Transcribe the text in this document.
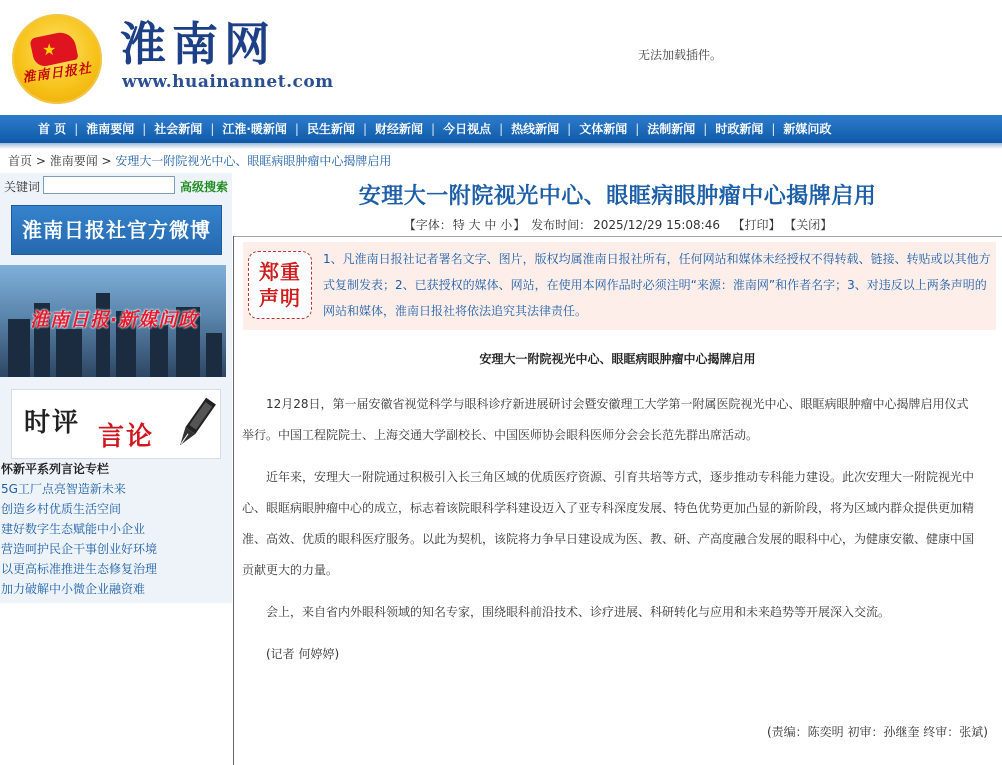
★
淮南日报社
淮南网
www.huainannet.com
无法加载插件。
首 页 | 淮南要闻 | 社会新闻 | 江淮·暖新闻 | 民生新闻 | 财经新闻 | 今日视点 | 热线新闻 | 文体新闻 | 法制新闻 | 时政新闻 | 新媒问政
首页 > 淮南要闻 > 安理大一附院视光中心、眼眶病眼肿瘤中心揭牌启用
关键词	高级搜索
淮南日报社官方微博
淮南日报·新媒问政
时评 言论
怀新平系列言论专栏
5G工厂点亮智造新未来
创造乡村优质生活空间
建好数字生态赋能中小企业
营造呵护民企干事创业好环境
以更高标准推进生态修复治理
加力破解中小微企业融资难
安理大一附院视光中心、眼眶病眼肿瘤中心揭牌启用
【字体：特 大 中 小】 发布时间： 2025/12/29 15:08:46 【打印】 【关闭】
郑重声明
1、凡淮南日报社记者署名文字、图片，版权均属淮南日报社所有，任何网站和媒体未经授权不得转载、链接、转贴或以其他方式复制发表；2、已获授权的媒体、网站，在使用本网作品时必须注明“来源：淮南网”和作者名字；3、对违反以上两条声明的网站和媒体，淮南日报社将依法追究其法律责任。
安理大一附院视光中心、眼眶病眼肿瘤中心揭牌启用

12月28日，第一届安徽省视觉科学与眼科诊疗新进展研讨会暨安徽理工大学第一附属医院视光中心、眼眶病眼肿瘤中心揭牌启用仪式举行。中国工程院院士、上海交通大学副校长、中国医师协会眼科医师分会会长范先群出席活动。

近年来，安理大一附院通过积极引入长三角区域的优质医疗资源、引育共培等方式，逐步推动专科能力建设。此次安理大一附院视光中心、眼眶病眼肿瘤中心的成立，标志着该院眼科学科建设迈入了亚专科深度发展、特色优势更加凸显的新阶段，将为区域内群众提供更加精准、高效、优质的眼科医疗服务。以此为契机，该院将力争早日建设成为医、教、研、产高度融合发展的眼科中心，为健康安徽、健康中国贡献更大的力量。

会上，来自省内外眼科领域的知名专家，围绕眼科前沿技术、诊疗进展、科研转化与应用和未来趋势等开展深入交流。

(记者 何婷婷)

(责编：陈奕明 初审：孙继奎 终审：张斌)
